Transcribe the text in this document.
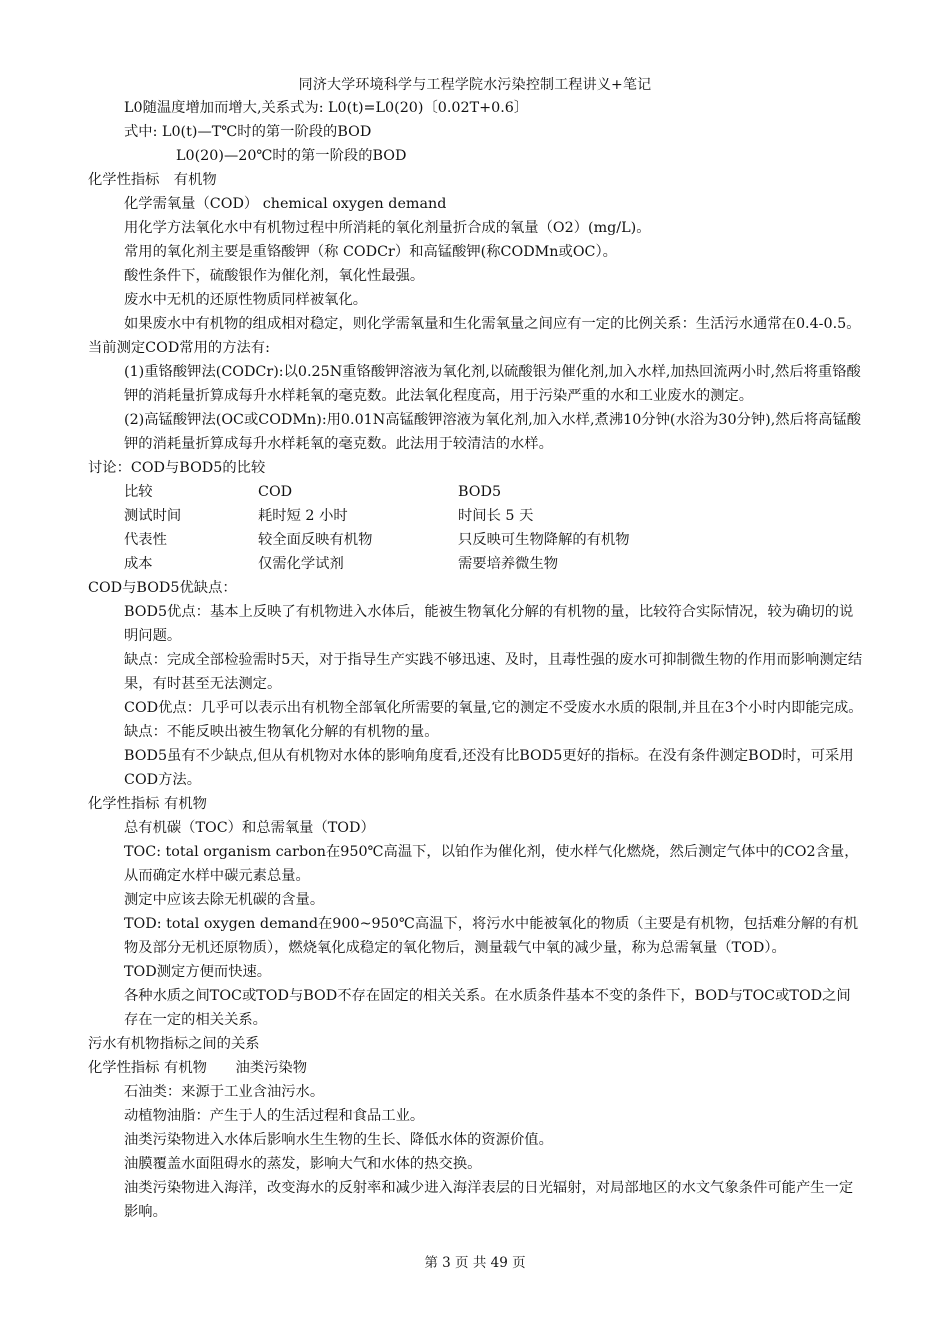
同济大学环境科学与工程学院水污染控制工程讲义+笔记
L0随温度增加而增大,关系式为: L0(t)=L0(20)〔0.02T+0.6〕
式中: L0(t)—T℃时的第一阶段的BOD
L0(20)—20℃时的第一阶段的BOD
化学性指标　有机物
化学需氧量（COD） chemical oxygen demand
用化学方法氧化水中有机物过程中所消耗的氧化剂量折合成的氧量（O2）(mg/L)。
常用的氧化剂主要是重铬酸钾（称 CODCr）和高锰酸钾(称CODMn或OC）。
酸性条件下，硫酸银作为催化剂，氧化性最强。
废水中无机的还原性物质同样被氧化。
如果废水中有机物的组成相对稳定，则化学需氧量和生化需氧量之间应有一定的比例关系：生活污水通常在0.4-0.5。
当前测定COD常用的方法有:
(1)重铬酸钾法(CODCr):以0.25N重铬酸钾溶液为氧化剂,以硫酸银为催化剂,加入水样,加热回流两小时,然后将重铬酸钾的消耗量折算成每升水样耗氧的毫克数。此法氧化程度高，用于污染严重的水和工业废水的测定。
(2)高锰酸钾法(OC或CODMn):用0.01N高锰酸钾溶液为氧化剂,加入水样,煮沸10分钟(水浴为30分钟),然后将高锰酸钾的消耗量折算成每升水样耗氧的毫克数。此法用于较清洁的水样。
讨论：COD与BOD5的比较
比较	COD	BOD5
测试时间	耗时短 2 小时	时间长 5 天
代表性	较全面反映有机物	只反映可生物降解的有机物
成本	仅需化学试剂	需要培养微生物
COD与BOD5优缺点：
BOD5优点：基本上反映了有机物进入水体后，能被生物氧化分解的有机物的量，比较符合实际情况，较为确切的说明问题。
缺点：完成全部检验需时5天，对于指导生产实践不够迅速、及时，且毒性强的废水可抑制微生物的作用而影响测定结果，有时甚至无法测定。
COD优点：几乎可以表示出有机物全部氧化所需要的氧量,它的测定不受废水水质的限制,并且在3个小时内即能完成。
缺点：不能反映出被生物氧化分解的有机物的量。
BOD5虽有不少缺点,但从有机物对水体的影响角度看,还没有比BOD5更好的指标。在没有条件测定BOD时，可采用COD方法。
化学性指标 有机物
总有机碳（TOC）和总需氧量（TOD）
TOC: total organism carbon在950℃高温下，以铂作为催化剂，使水样气化燃烧，然后测定气体中的CO2含量，从而确定水样中碳元素总量。
测定中应该去除无机碳的含量。
TOD: total oxygen demand在900~950℃高温下，将污水中能被氧化的物质（主要是有机物，包括难分解的有机物及部分无机还原物质），燃烧氧化成稳定的氧化物后，测量载气中氧的减少量，称为总需氧量（TOD）。
TOD测定方便而快速。
各种水质之间TOC或TOD与BOD不存在固定的相关关系。在水质条件基本不变的条件下，BOD与TOC或TOD之间存在一定的相关关系。
污水有机物指标之间的关系
化学性指标 有机物　　油类污染物
石油类：来源于工业含油污水。
动植物油脂：产生于人的生活过程和食品工业。
油类污染物进入水体后影响水生生物的生长、降低水体的资源价值。
油膜覆盖水面阻碍水的蒸发，影响大气和水体的热交换。
油类污染物进入海洋，改变海水的反射率和减少进入海洋表层的日光辐射，对局部地区的水文气象条件可能产生一定影响。
第 3 页 共 49 页
